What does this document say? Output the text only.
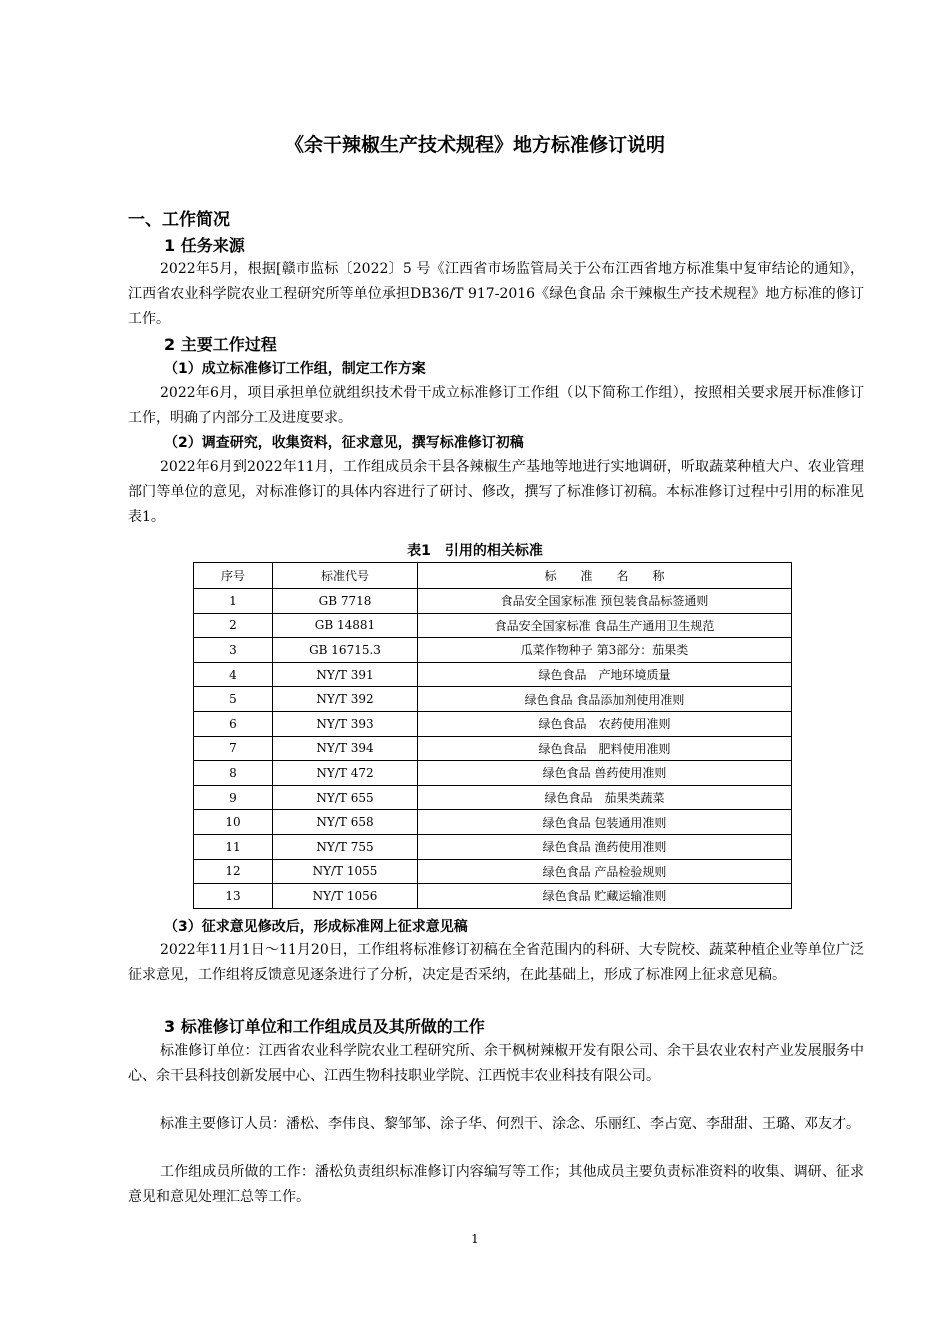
《余干辣椒生产技术规程》地方标准修订说明
一、工作简况
1 任务来源

2022年5月，根据[赣市监标〔2022〕5 号《江西省市场监管局关于公布江西省地方标准集中复审结论的通知》，江西省农业科学院农业工程研究所等单位承担DB36/T 917-2016《绿色食品 余干辣椒生产技术规程》地方标准的修订工作。

2 主要工作过程
（1）成立标准修订工作组，制定工作方案

2022年6月，项目承担单位就组织技术骨干成立标准修订工作组（以下简称工作组），按照相关要求展开标准修订工作，明确了内部分工及进度要求。

（2）调查研究，收集资料，征求意见，撰写标准修订初稿

2022年6月到2022年11月，工作组成员余干县各辣椒生产基地等地进行实地调研，听取蔬菜种植大户、农业管理部门等单位的意见，对标准修订的具体内容进行了研讨、修改，撰写了标准修订初稿。本标准修订过程中引用的标准见表1。

表1　引用的相关标准
序号	标准代号	标　　准　　名　　称
1	GB 7718	食品安全国家标准 预包装食品标签通则
2	GB 14881	食品安全国家标准 食品生产通用卫生规范
3	GB 16715.3	瓜菜作物种子 第3部分：茄果类
4	NY/T 391	绿色食品　产地环境质量
5	NY/T 392	绿色食品 食品添加剂使用准则
6	NY/T 393	绿色食品　农药使用准则
7	NY/T 394	绿色食品　肥料使用准则
8	NY/T 472	绿色食品 兽药使用准则
9	NY/T 655	绿色食品　茄果类蔬菜
10	NY/T 658	绿色食品 包装通用准则
11	NY/T 755	绿色食品 渔药使用准则
12	NY/T 1055	绿色食品 产品检验规则
13	NY/T 1056	绿色食品 贮藏运输准则
（3）征求意见修改后，形成标准网上征求意见稿

2022年11月1日～11月20日，工作组将标准修订初稿在全省范围内的科研、大专院校、蔬菜种植企业等单位广泛征求意见，工作组将反馈意见逐条进行了分析，决定是否采纳，在此基础上，形成了标准网上征求意见稿。

3 标准修订单位和工作组成员及其所做的工作

标准修订单位：江西省农业科学院农业工程研究所、余干枫树辣椒开发有限公司、余干县农业农村产业发展服务中心、余干县科技创新发展中心、江西生物科技职业学院、江西悦丰农业科技有限公司。

标准主要修订人员：潘松、李伟良、黎邹邹、涂子华、何烈干、涂念、乐丽红、李占宽、李甜甜、王璐、邓友才。

工作组成员所做的工作：潘松负责组织标准修订内容编写等工作；其他成员主要负责标准资料的收集、调研、征求意见和意见处理汇总等工作。

1
